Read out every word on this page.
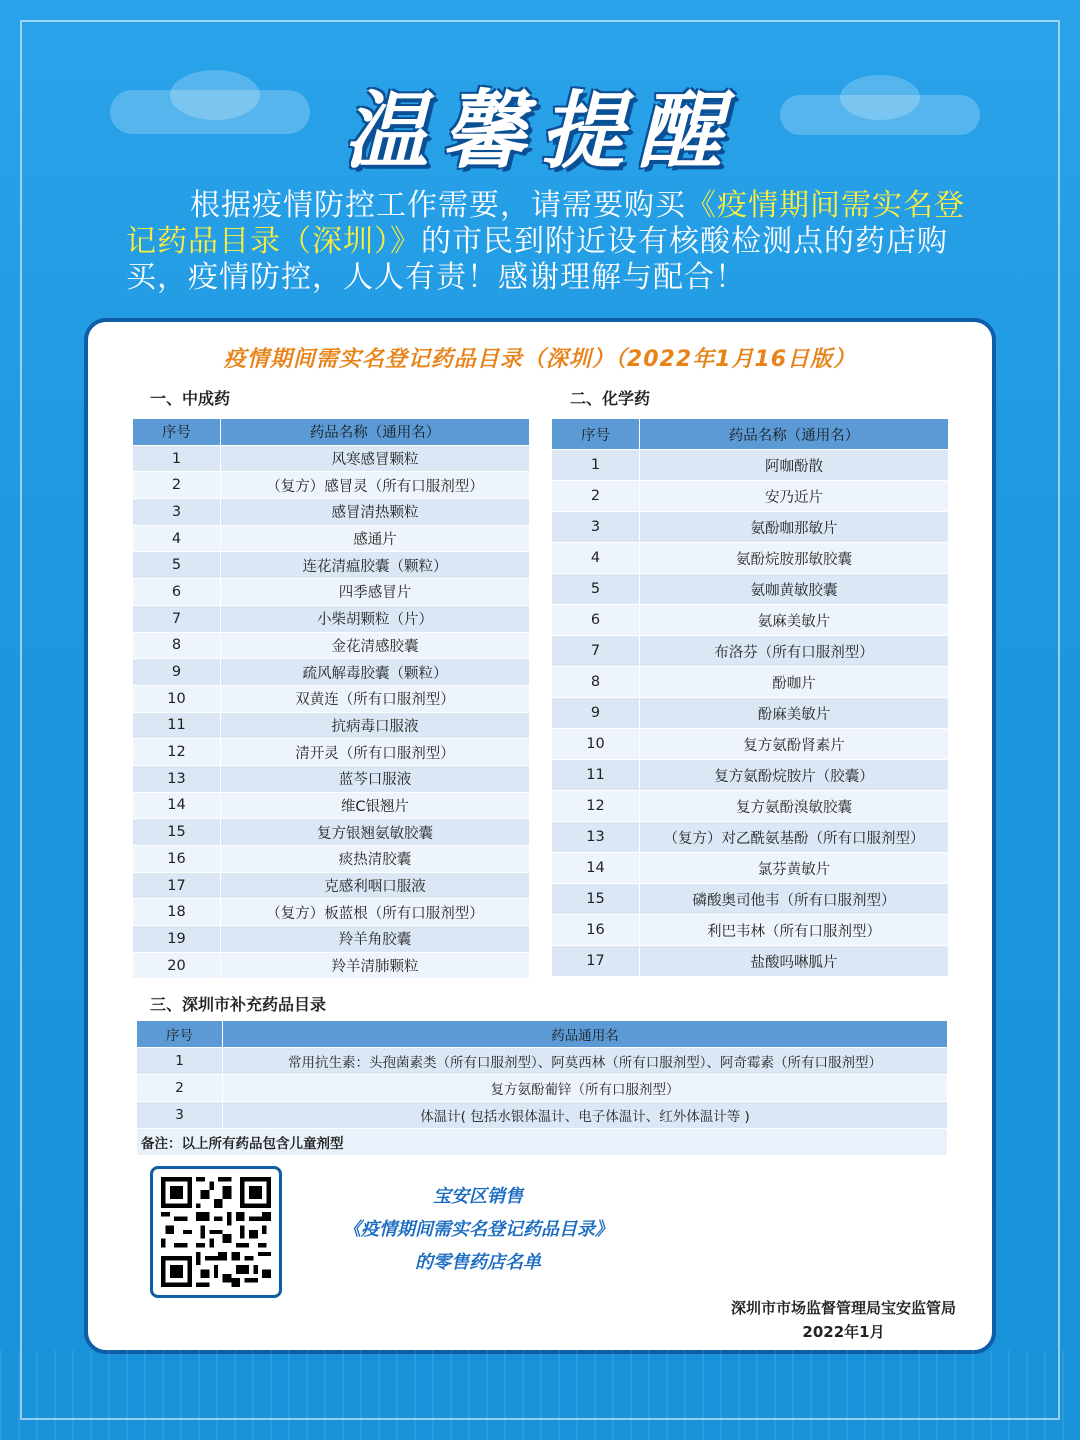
温馨提醒

根据疫情防控工作需要，请需要购买《疫情期间需实名登记药品目录（深圳）》的市民到附近设有核酸检测点的药店购买，疫情防控，人人有责！感谢理解与配合！

疫情期间需实名登记药品目录（深圳）（2022年1月16日版）
一、中成药	二、化学药
序号	药品名称（通用名）
1	风寒感冒颗粒
2	（复方）感冒灵（所有口服剂型）
3	感冒清热颗粒
4	感通片
5	连花清瘟胶囊（颗粒）
6	四季感冒片
7	小柴胡颗粒（片）
8	金花清感胶囊
9	疏风解毒胶囊（颗粒）
10	双黄连（所有口服剂型）
11	抗病毒口服液
12	清开灵（所有口服剂型）
13	蓝芩口服液
14	维C银翘片
15	复方银翘氨敏胶囊
16	痰热清胶囊
17	克感利咽口服液
18	（复方）板蓝根（所有口服剂型）
19	羚羊角胶囊
20	羚羊清肺颗粒
序号	药品名称（通用名）
1	阿咖酚散
2	安乃近片
3	氨酚咖那敏片
4	氨酚烷胺那敏胶囊
5	氨咖黄敏胶囊
6	氨麻美敏片
7	布洛芬（所有口服剂型）
8	酚咖片
9	酚麻美敏片
10	复方氨酚肾素片
11	复方氨酚烷胺片（胶囊）
12	复方氨酚溴敏胶囊
13	（复方）对乙酰氨基酚（所有口服剂型）
14	氯芬黄敏片
15	磷酸奥司他韦（所有口服剂型）
16	利巴韦林（所有口服剂型）
17	盐酸吗啉胍片
三、深圳市补充药品目录
序号	药品通用名
1	常用抗生素：头孢菌素类（所有口服剂型）、阿莫西林（所有口服剂型）、阿奇霉素（所有口服剂型）
2	复方氨酚葡锌（所有口服剂型）
3	体温计( 包括水银体温计、电子体温计、红外体温计等 )
备注：以上所有药品包含儿童剂型	
宝安区销售
《疫情期间需实名登记药品目录》
的零售药店名单
深圳市市场监督管理局宝安监管局
2022年1月
